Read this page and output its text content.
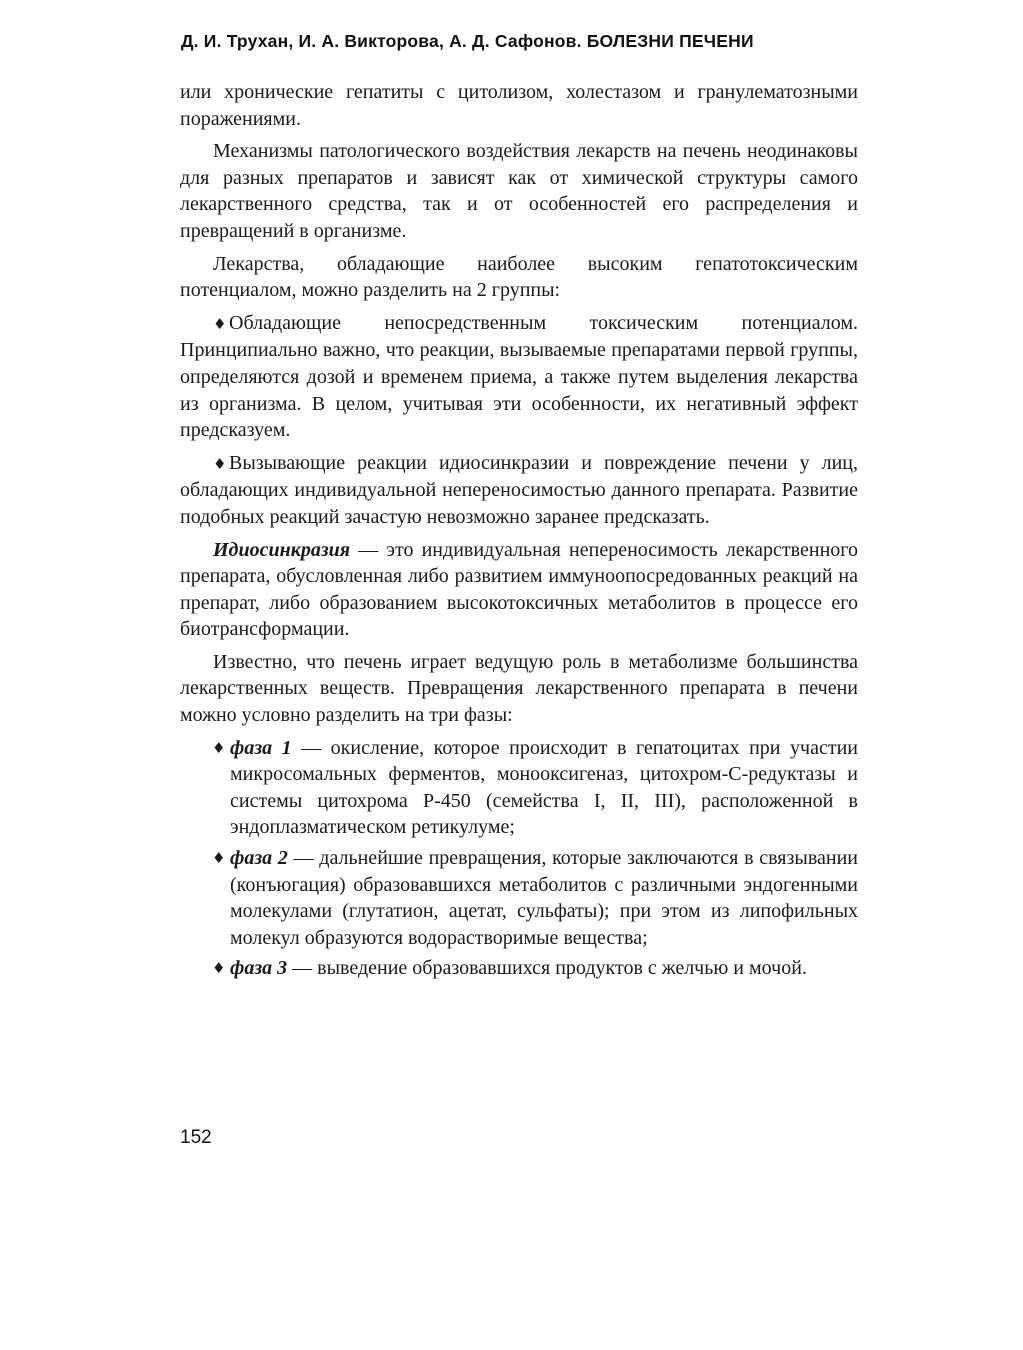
Д. И. Трухан, И. А. Викторова, А. Д. Сафонов. БОЛЕЗНИ ПЕЧЕНИ

или хронические гепатиты с цитолизом, холестазом и гранулематозными поражениями.

Механизмы патологического воздействия лекарств на печень неодинаковы для разных препаратов и зависят как от химической структуры самого лекарственного средства, так и от особенностей его распределения и превращений в организме.

Лекарства, обладающие наиболее высоким гепатотоксическим потенциалом, можно разделить на 2 группы:

♦ Обладающие непосредственным токсическим потенциалом. Принципиально важно, что реакции, вызываемые препаратами первой группы, определяются дозой и временем приема, а также путем выделения лекарства из организма. В целом, учитывая эти особенности, их негативный эффект предсказуем.

♦ Вызывающие реакции идиосинкразии и повреждение печени у лиц, обладающих индивидуальной непереносимостью данного препарата. Развитие подобных реакций зачастую невозможно заранее предсказать.

Идиосинкразия — это индивидуальная непереносимость лекарственного препарата, обусловленная либо развитием иммуноопосредованных реакций на препарат, либо образованием высокотоксичных метаболитов в процессе его биотрансформации.

Известно, что печень играет ведущую роль в метаболизме большинства лекарственных веществ. Превращения лекарственного препарата в печени можно условно разделить на три фазы:

♦ фаза 1 — окисление, которое происходит в гепатоцитах при участии микросомальных ферментов, монооксигеназ, цитохром-С-редуктазы и системы цитохрома Р-450 (семейства I, II, III), расположенной в эндоплазматическом ретикулуме;
♦ фаза 2 — дальнейшие превращения, которые заключаются в связывании (конъюгация) образовавшихся метаболитов с различными эндогенными молекулами (глутатион, ацетат, сульфаты); при этом из липофильных молекул образуются водорастворимые вещества;
♦ фаза 3 — выведение образовавшихся продуктов с желчью и мочой.
152
